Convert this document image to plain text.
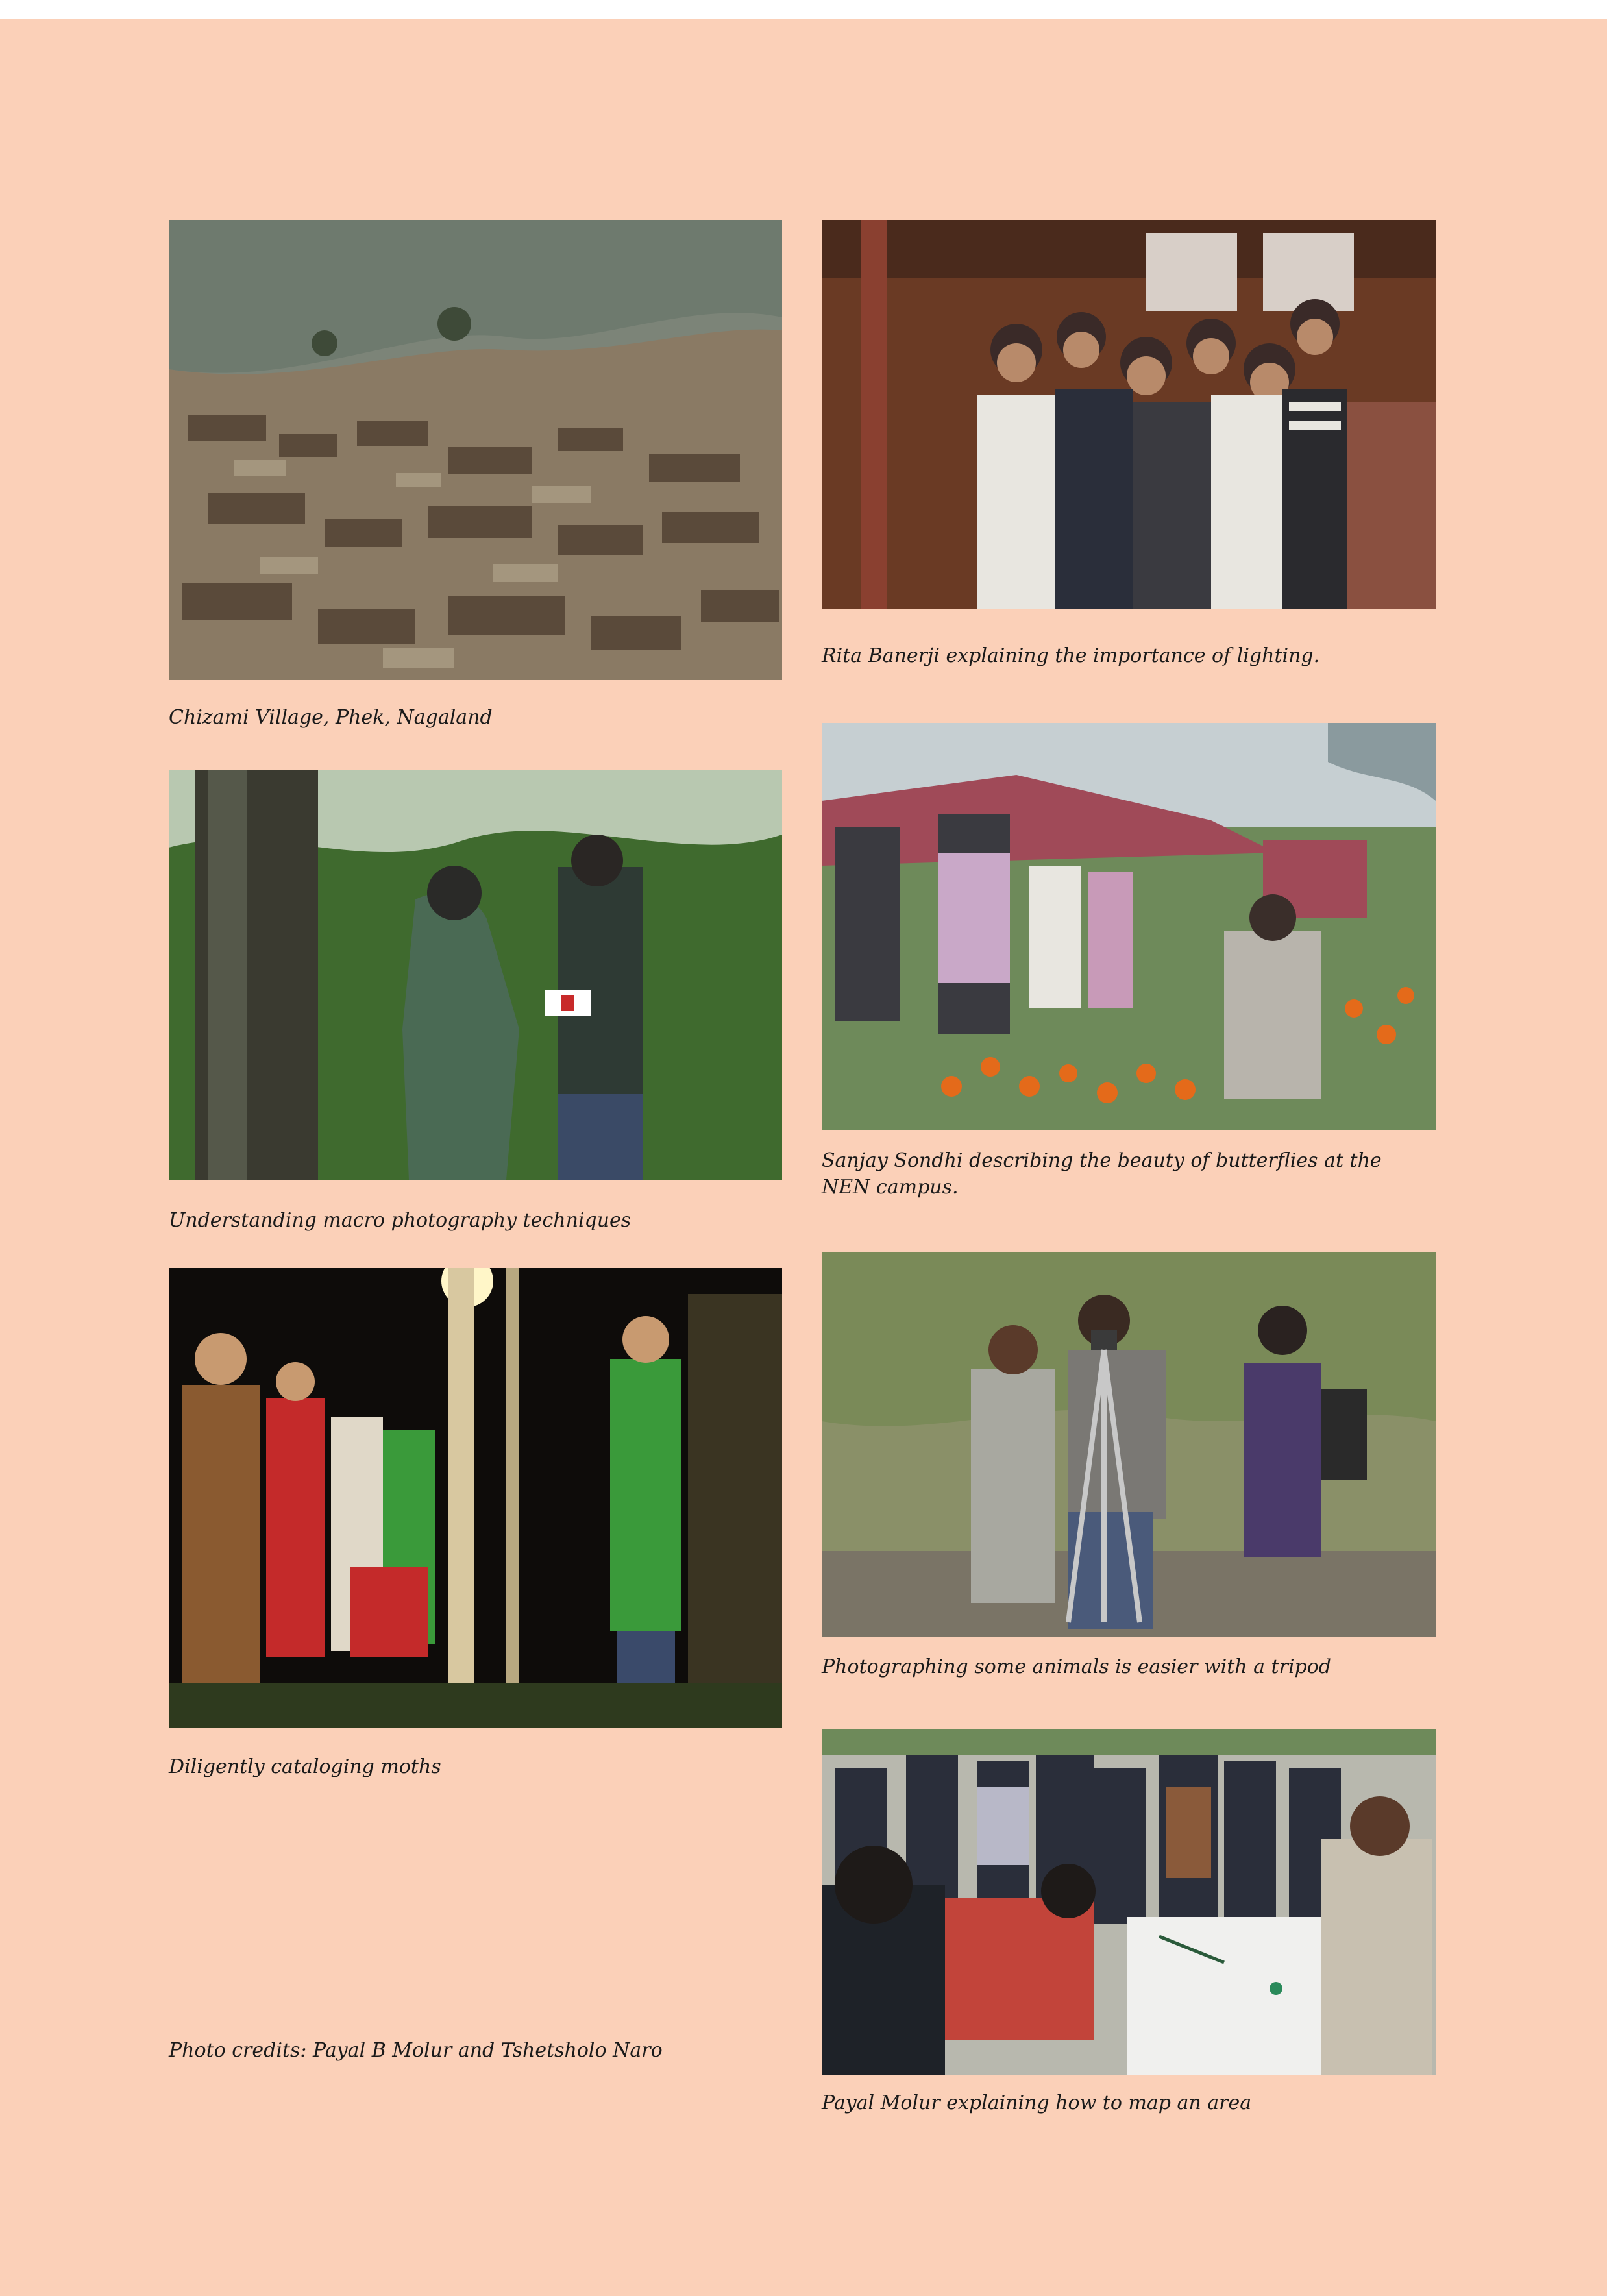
Chizami Village, Phek, Nagaland

Understanding macro photography techniques

Diligently cataloging moths

Photo credits: Payal B Molur and Tshetsholo Naro

Rita Banerji explaining the importance of lighting.

Sanjay Sondhi describing the beauty of butterflies at the NEN campus.

Photographing some animals is easier with a tripod

Payal Molur explaining how to map an area
